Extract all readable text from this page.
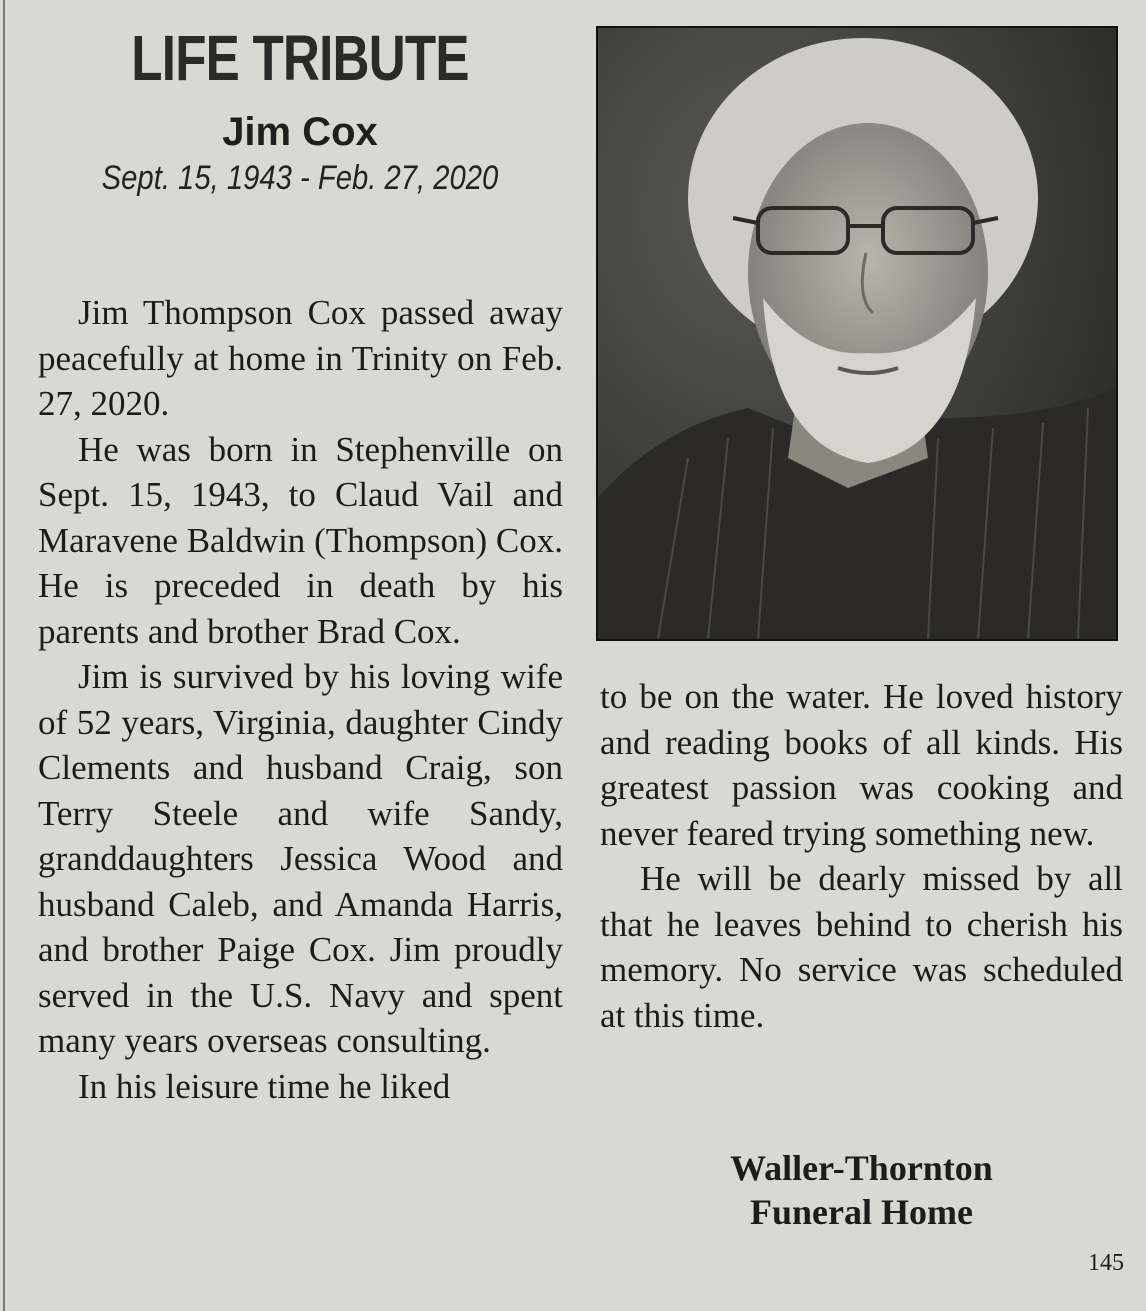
LIFE TRIBUTE
Jim Cox
Sept. 15, 1943 - Feb. 27, 2020

Jim Thompson Cox passed away peacefully at home in Trinity on Feb. 27, 2020.

He was born in Stephenville on Sept. 15, 1943, to Claud Vail and Maravene Baldwin (Thompson) Cox. He is preceded in death by his parents and brother Brad Cox.

Jim is survived by his loving wife of 52 years, Virginia, daughter Cindy Clements and husband Craig, son Terry Steele and wife Sandy, granddaughters Jessica Wood and husband Caleb, and Amanda Harris, and brother Paige Cox. Jim proudly served in the U.S. Navy and spent many years overseas consulting.

In his leisure time he liked

to be on the water. He loved history and reading books of all kinds. His greatest passion was cooking and never feared trying something new.

He will be dearly missed by all that he leaves behind to cherish his memory. No service was scheduled at this time.

Waller-Thornton
Funeral Home
145
